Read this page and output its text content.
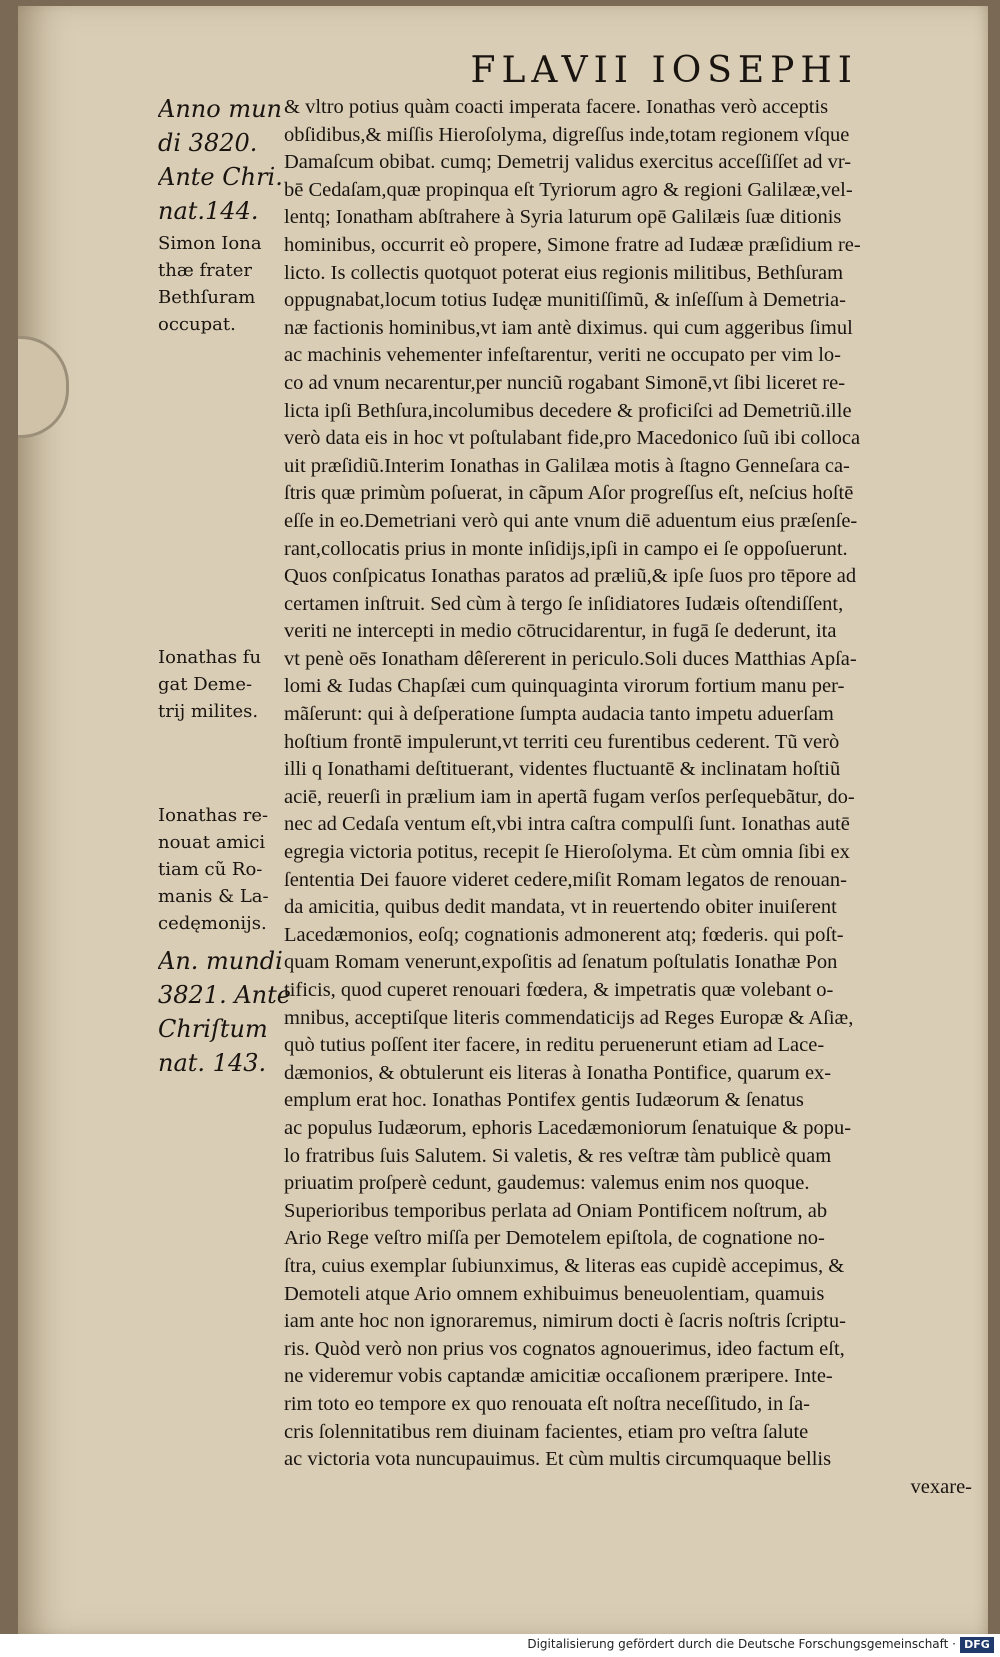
FLAVII IOSEPHI
Anno mun
di 3820.
Ante Chri.
nat.144.
Simon Iona
thæ frater
Bethſuram
occupat.
Ionathas fu
gat Deme-
trij milites.
Ionathas re-
nouat amici
tiam cũ Ro-
manis & La-
cedęmonijs.
An. mundi
3821. Ante
Chriſtum
nat. 143.
& vltro potius quàm coacti imperata facere. Ionathas verò acceptis
obſidibus,& miſſis Hieroſolyma, digreſſus inde,totam regionem vſque
Damaſcum obibat. cumq; Demetrij validus exercitus acceſſiſſet ad vr-
bē Cedaſam,quæ propinqua eſt Tyriorum agro & regioni Galilææ,vel-
lentq; Ionatham abſtrahere à Syria laturum opē Galilæis ſuæ ditionis
hominibus, occurrit eò propere, Simone fratre ad Iudææ præſidium re-
licto. Is collectis quotquot poterat eius regionis militibus, Bethſuram
oppugnabat,locum totius Iudęæ munitiſſimũ, & inſeſſum à Demetria-
næ factionis hominibus,vt iam antè diximus. qui cum aggeribus ſimul
ac machinis vehementer infeſtarentur, veriti ne occupato per vim lo-
co ad vnum necarentur,per nunciũ rogabant Simonē,vt ſibi liceret re-
licta ipſi Bethſura,incolumibus decedere & proficiſci ad Demetriũ.ille
verò data eis in hoc vt poſtulabant fide,pro Macedonico ſuũ ibi colloca
uit præſidiũ.Interim Ionathas in Galilæa motis à ſtagno Genneſara ca-
ſtris quæ primùm poſuerat, in cãpum Aſor progreſſus eſt, neſcius hoſtē
eſſe in eo.Demetriani verò qui ante vnum diē aduentum eius præſenſe-
rant,collocatis prius in monte inſidijs,ipſi in campo ei ſe oppoſuerunt.
Quos conſpicatus Ionathas paratos ad præliũ,& ipſe ſuos pro tēpore ad
certamen inſtruit. Sed cùm à tergo ſe inſidiatores Iudæis oſtendiſſent,
veriti ne intercepti in medio cōtrucidarentur, in fugā ſe dederunt, ita
vt penè oēs Ionatham dêſererent in periculo.Soli duces Matthias Apſa-
lomi & Iudas Chapſæi cum quinquaginta virorum fortium manu per-
mãſerunt: qui à deſperatione ſumpta audacia tanto impetu aduerſam
hoſtium frontē impulerunt,vt territi ceu furentibus cederent. Tũ verò
illi q Ionathami deſtituerant, videntes fluctuantē & inclinatam hoſtiũ
aciē, reuerſi in prælium iam in apertã fugam verſos perſequebãtur, do-
nec ad Cedaſa ventum eſt,vbi intra caſtra compulſi ſunt. Ionathas autē
egregia victoria potitus, recepit ſe Hieroſolyma. Et cùm omnia ſibi ex
ſententia Dei fauore videret cedere,miſit Romam legatos de renouan-
da amicitia, quibus dedit mandata, vt in reuertendo obiter inuiſerent
Lacedæmonios, eoſq; cognationis admonerent atq; fœderis. qui poſt-
quam Romam venerunt,expoſitis ad ſenatum poſtulatis Ionathæ Pon
tificis, quod cuperet renouari fœdera, & impetratis quæ volebant o-
mnibus, acceptiſque literis commendaticijs ad Reges Europæ & Aſiæ,
quò tutius poſſent iter facere, in reditu peruenerunt etiam ad Lace-
dæmonios, & obtulerunt eis literas à Ionatha Pontifice, quarum ex-
emplum erat hoc. Ionathas Pontifex gentis Iudæorum & ſenatus
ac populus Iudæorum, ephoris Lacedæmoniorum ſenatuique & popu-
lo fratribus ſuis Salutem. Si valetis, & res veſtræ tàm publicè quam
priuatim proſperè cedunt, gaudemus: valemus enim nos quoque.
Superioribus temporibus perlata ad Oniam Pontificem noſtrum, ab
Ario Rege veſtro miſſa per Demotelem epiſtola, de cognatione no-
ſtra, cuius exemplar ſubiunximus, & literas eas cupidè accepimus, &
Demoteli atque Ario omnem exhibuimus beneuolentiam, quamuis
iam ante hoc non ignoraremus, nimirum docti è ſacris noſtris ſcriptu-
ris. Quòd verò non prius vos cognatos agnouerimus, ideo factum eſt,
ne videremur vobis captandæ amicitiæ occaſionem præripere. Inte-
rim toto eo tempore ex quo renouata eſt noſtra neceſſitudo, in ſa-
cris ſolennitatibus rem diuinam facientes, etiam pro veſtra ſalute
ac victoria vota nuncupauimus. Et cùm multis circumquaque bellis
vexare-
Digitalisierung gefördert durch die Deutsche Forschungsgemeinschaft · DFG
